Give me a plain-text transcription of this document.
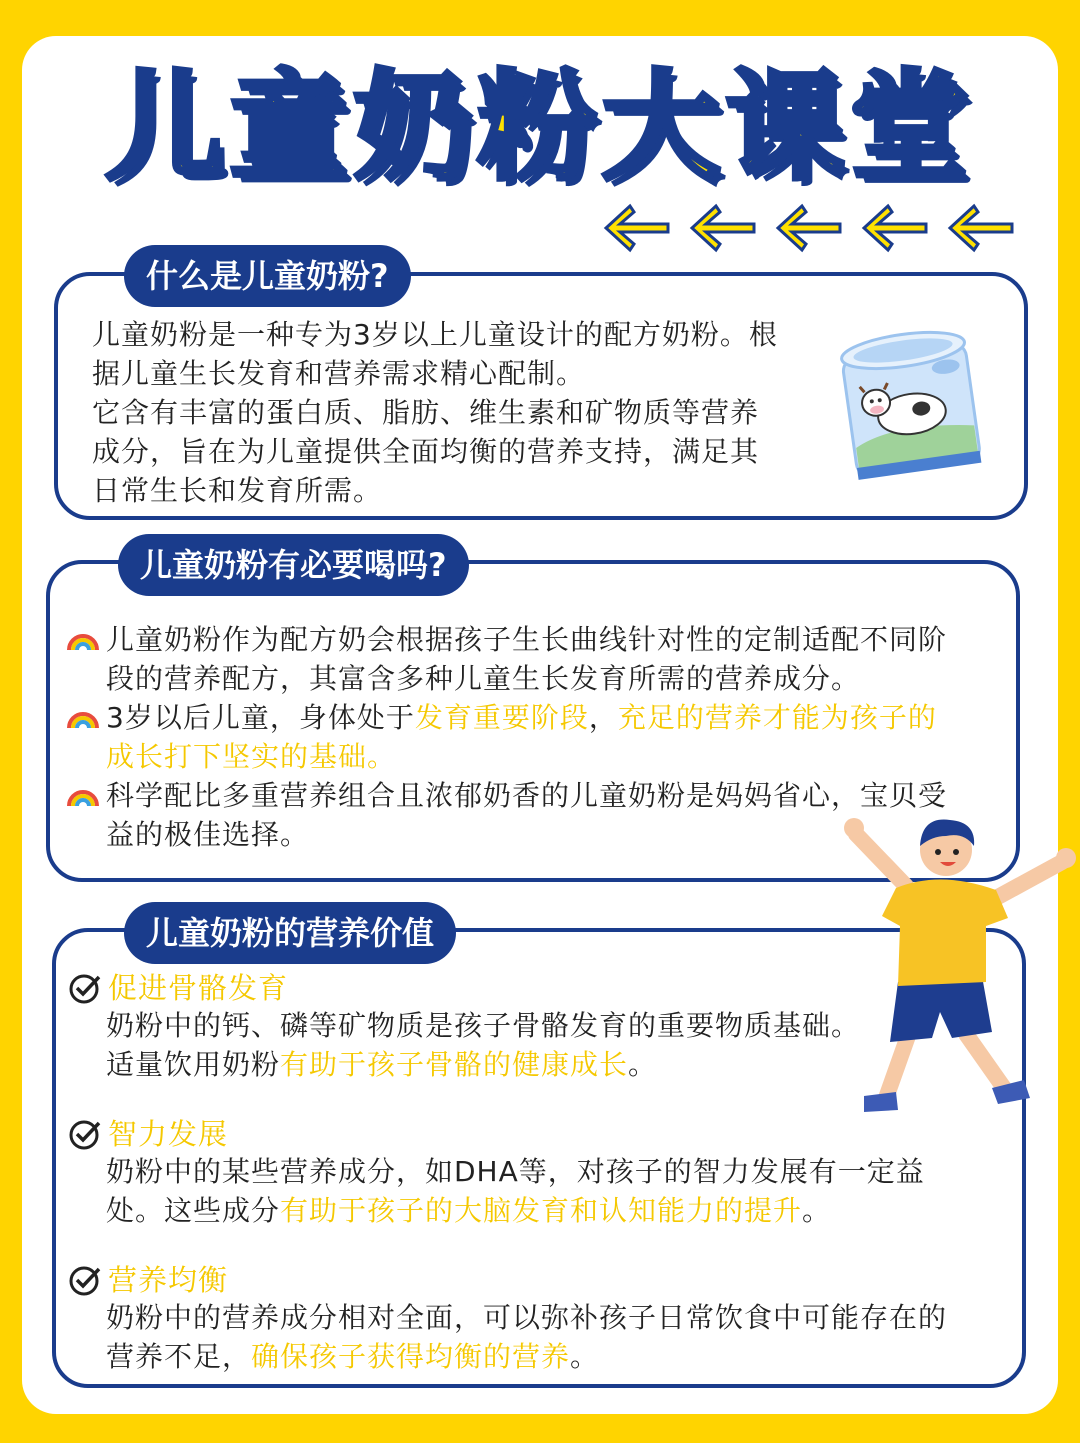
儿童奶粉大课堂
什么是儿童奶粉?
儿童奶粉是一种专为3岁以上儿童设计的配方奶粉。根
据儿童生长发育和营养需求精心配制。
它含有丰富的蛋白质、脂肪、维生素和矿物质等营养
成分，旨在为儿童提供全面均衡的营养支持，满足其
日常生长和发育所需。
儿童奶粉有必要喝吗?
儿童奶粉作为配方奶会根据孩子生长曲线针对性的定制适配不同阶
段的营养配方，其富含多种儿童生长发育所需的营养成分。
3岁以后儿童，身体处于发育重要阶段，充足的营养才能为孩子的
成长打下坚实的基础。
科学配比多重营养组合且浓郁奶香的儿童奶粉是妈妈省心，宝贝受
益的极佳选择。
儿童奶粉的营养价值
促进骨骼发育
奶粉中的钙、磷等矿物质是孩子骨骼发育的重要物质基础。
适量饮用奶粉有助于孩子骨骼的健康成长。
智力发展
奶粉中的某些营养成分，如DHA等，对孩子的智力发展有一定益
处。这些成分有助于孩子的大脑发育和认知能力的提升。
营养均衡
奶粉中的营养成分相对全面，可以弥补孩子日常饮食中可能存在的
营养不足，确保孩子获得均衡的营养。
